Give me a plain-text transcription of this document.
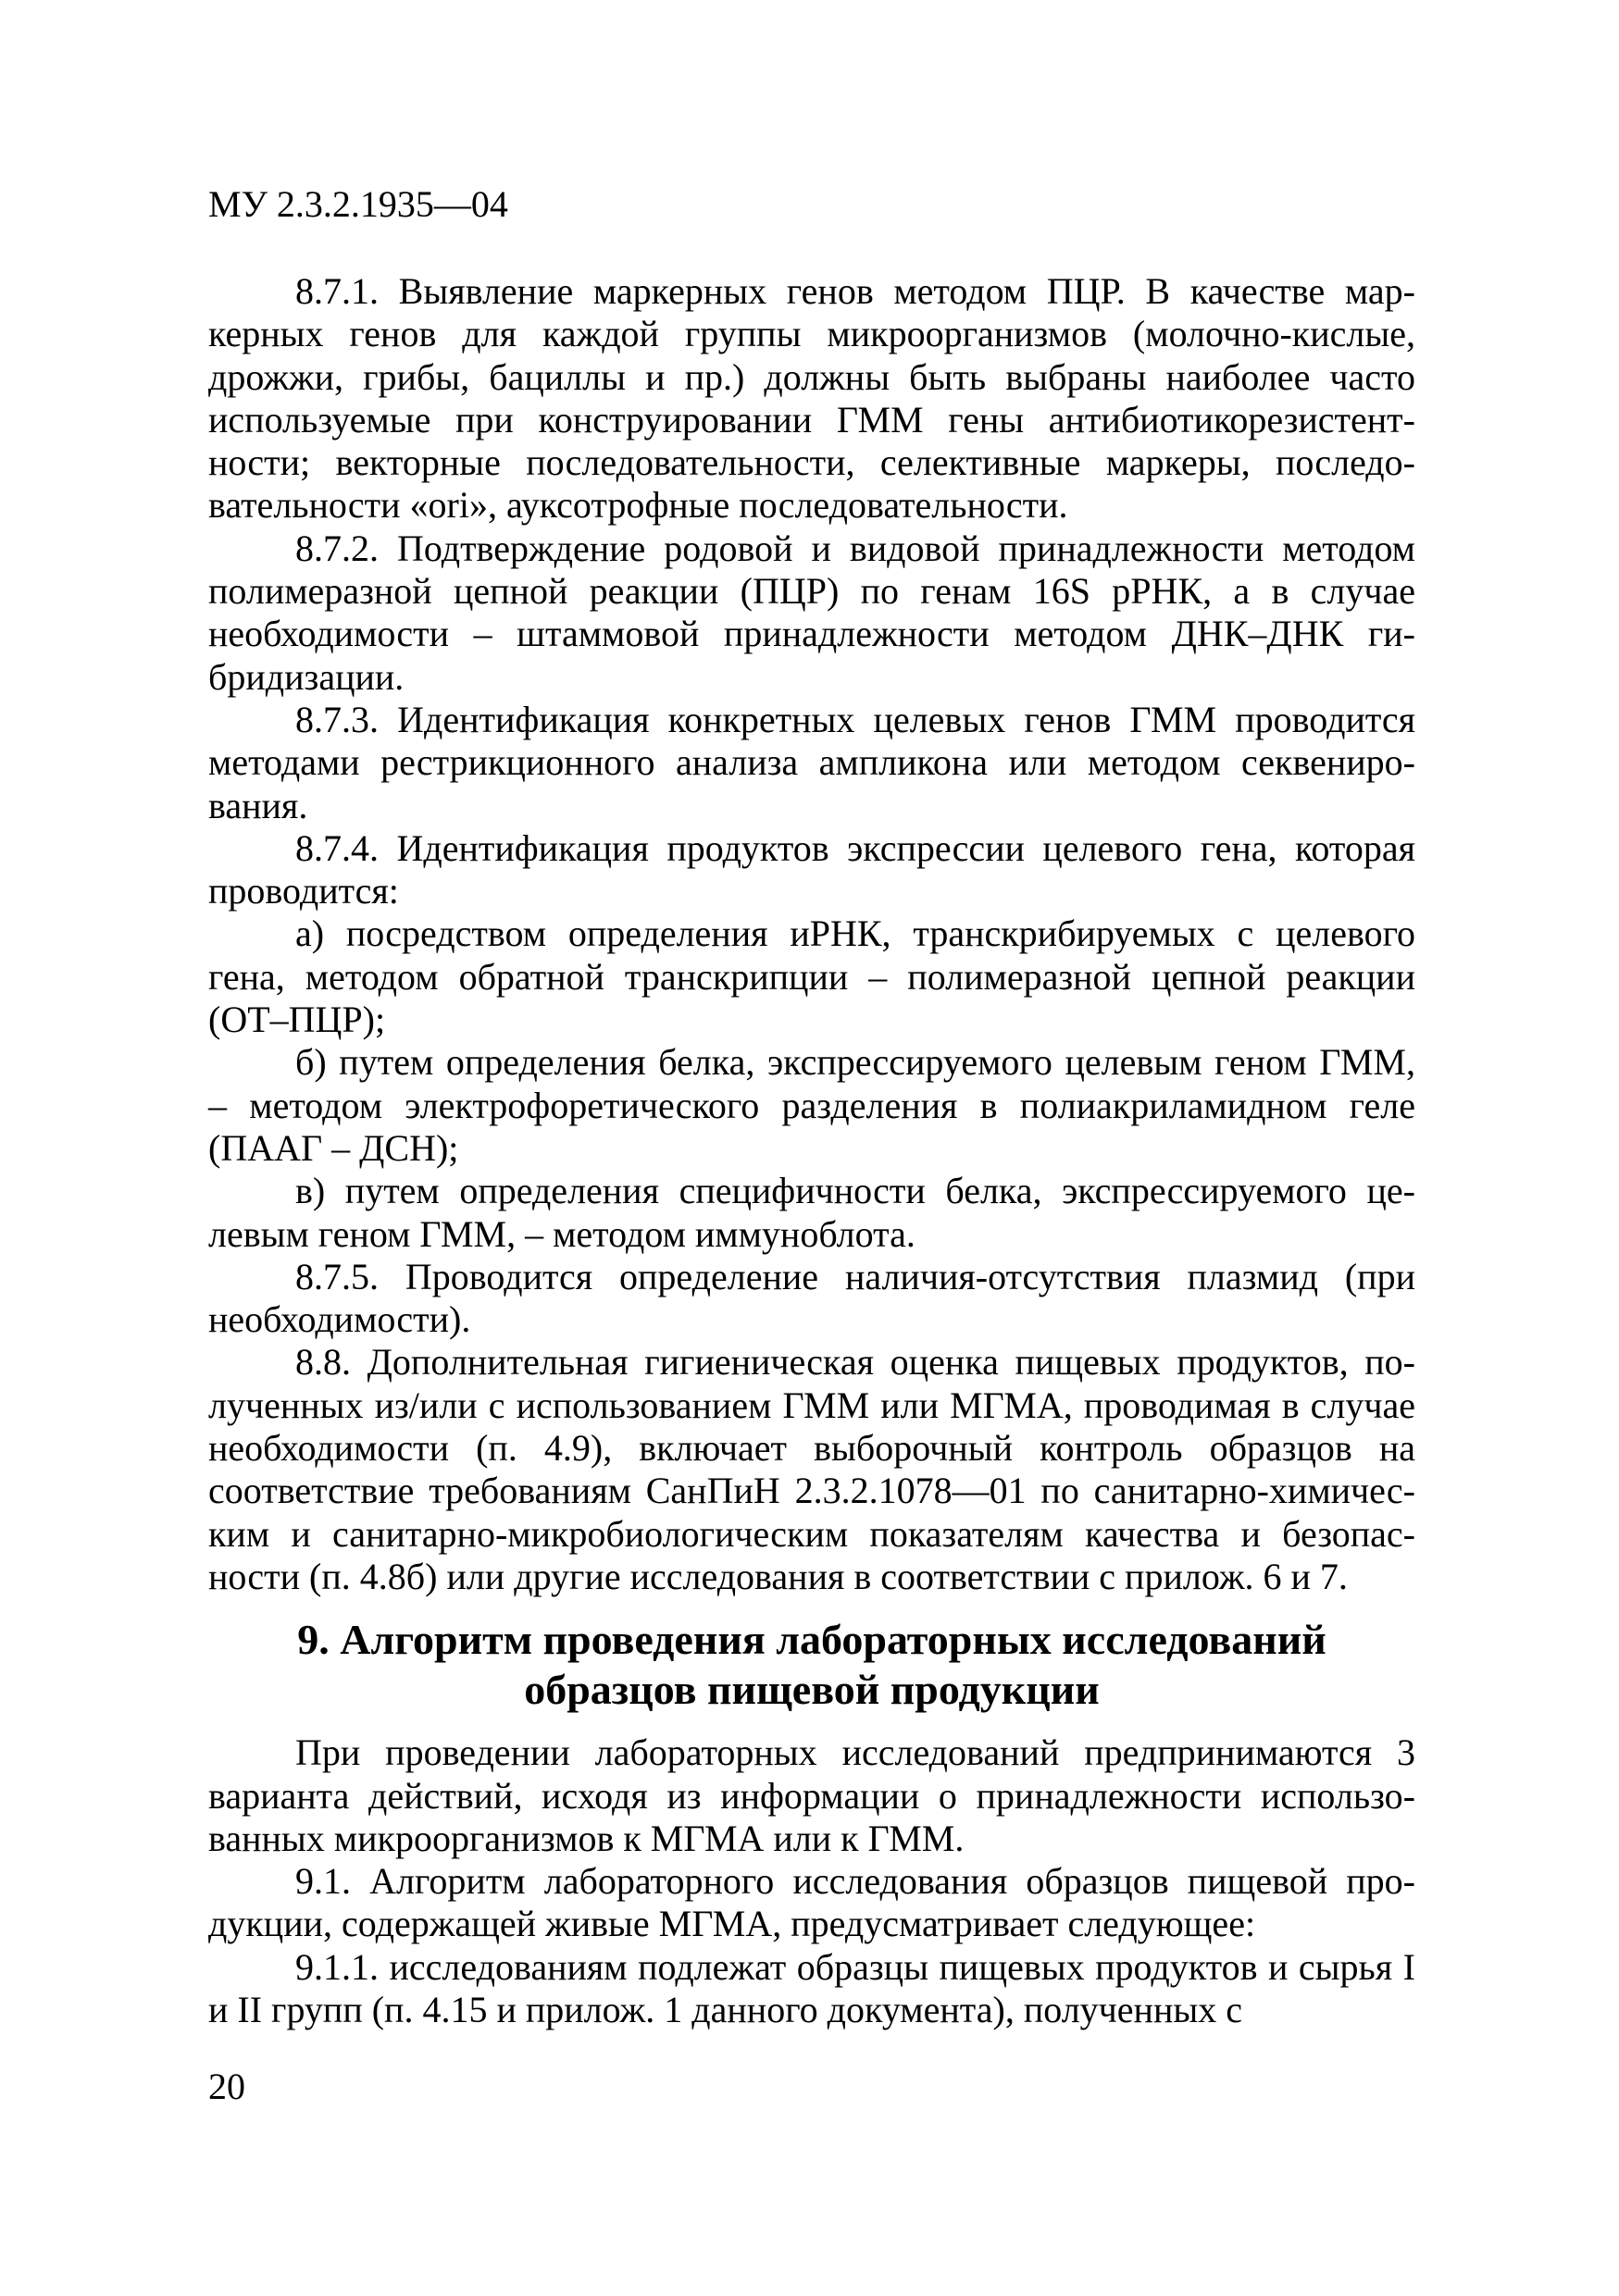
МУ 2.3.2.1935—04

8.7.1. Выявление маркерных генов методом ПЦР. В качестве маркерных генов для каждой группы микроорганизмов (молочно-кислые, дрожжи, грибы, бациллы и пр.) должны быть выбраны наиболее часто используемые при конструировании ГММ гены антибиотикорезистентности; векторные последовательности, селективные маркеры, последовательности «ori», ауксотрофные последовательности.

8.7.2. Подтверждение родовой и видовой принадлежности методом полимеразной цепной реакции (ПЦР) по генам 16S рРНК, а в случае необходимости – штаммовой принадлежности методом ДНК–ДНК гибридизации.

8.7.3. Идентификация конкретных целевых генов ГММ проводится методами рестрикционного анализа ампликона или методом секвенирования.

8.7.4. Идентификация продуктов экспрессии целевого гена, которая проводится:

а) посредством определения иРНК, транскрибируемых с целевого гена, методом обратной транскрипции – полимеразной цепной реакции (ОТ–ПЦР);

б) путем определения белка, экспрессируемого целевым геном ГММ, – методом электрофоретического разделения в полиакриламидном геле (ПААГ – ДСН);

в) путем определения специфичности белка, экспрессируемого целевым геном ГММ, – методом иммуноблота.

8.7.5. Проводится определение наличия-отсутствия плазмид (при необходимости).

8.8. Дополнительная гигиеническая оценка пищевых продуктов, полученных из/или с использованием ГММ или МГМА, проводимая в случае необходимости (п. 4.9), включает выборочный контроль образцов на соответствие требованиям СанПиН 2.3.2.1078—01 по санитарно-химическим и санитарно-микробиологическим показателям качества и безопасности (п. 4.8б) или другие исследования в соответствии с прилож. 6 и 7.

9. Алгоритм проведения лабораторных исследований
образцов пищевой продукции

При проведении лабораторных исследований предпринимаются 3 варианта действий, исходя из информации о принадлежности использованных микроорганизмов к МГМА или к ГММ.

9.1. Алгоритм лабораторного исследования образцов пищевой продукции, содержащей живые МГМА, предусматривает следующее:

9.1.1. исследованиям подлежат образцы пищевых продуктов и сырья I и II групп (п. 4.15 и прилож. 1 данного документа), полученных с

20
